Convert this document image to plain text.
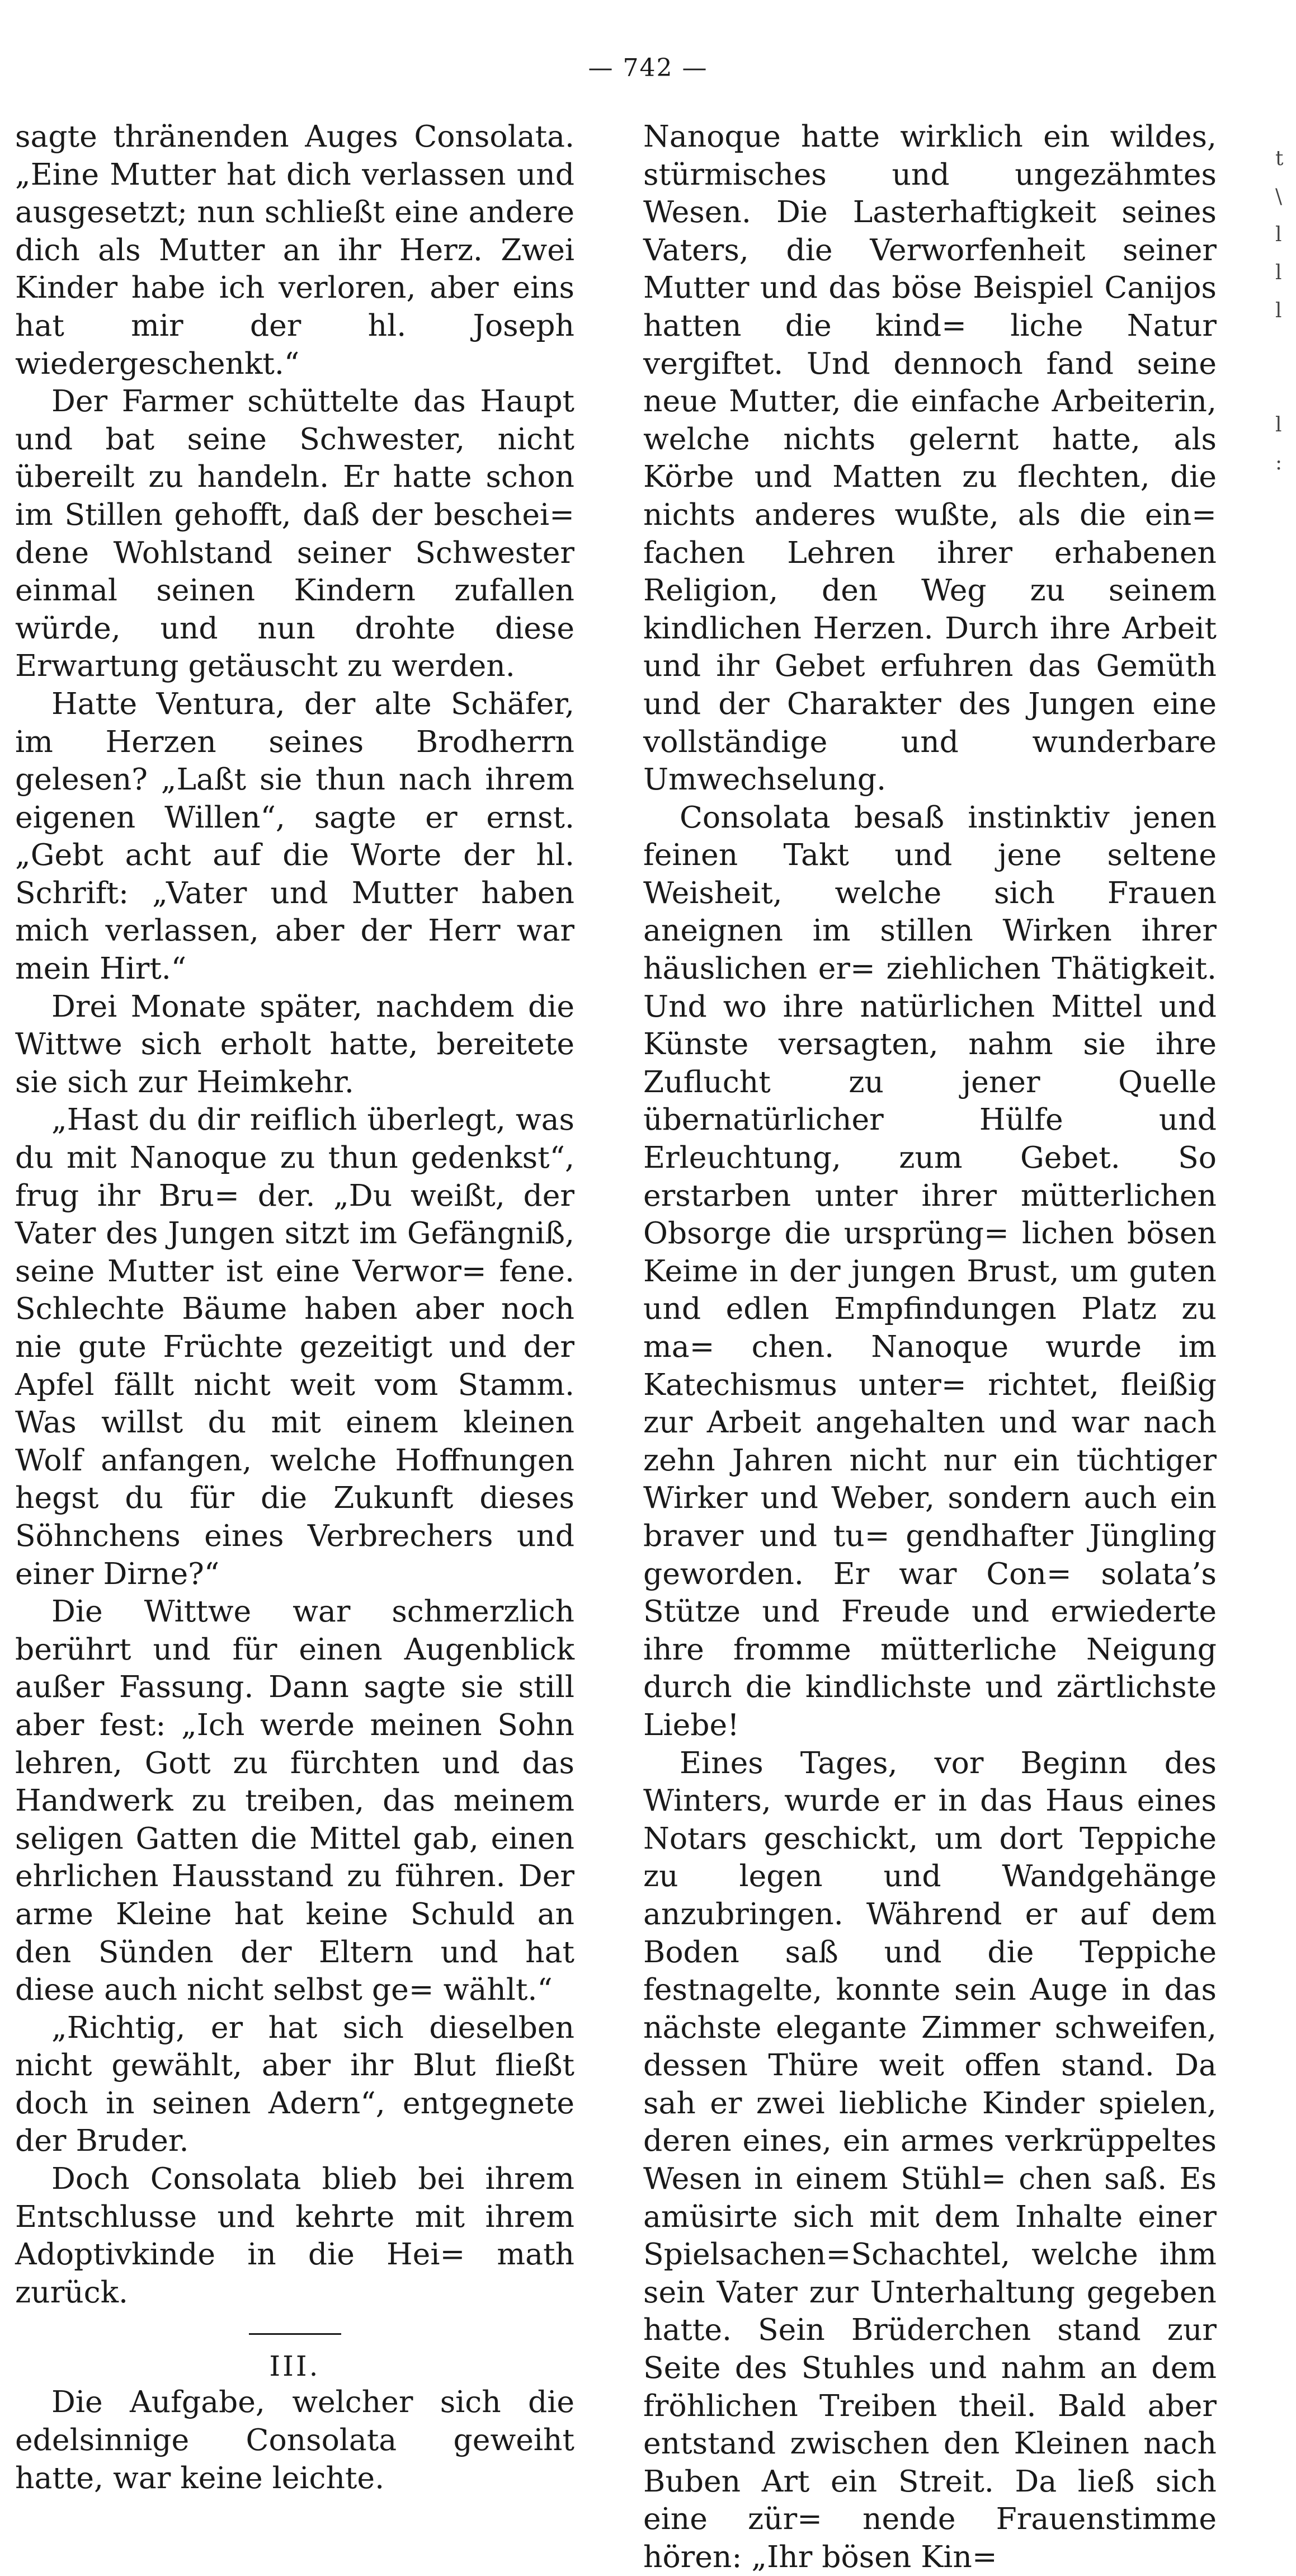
— 742 —

sagte thränenden Auges Consolata. „Eine Mutter hat dich verlassen und ausgesetzt; nun schließt eine andere dich als Mutter an ihr Herz. Zwei Kinder habe ich verloren, aber eins hat mir der hl. Joseph wiedergeschenkt.“

Der Farmer schüttelte das Haupt und bat seine Schwester, nicht übereilt zu handeln. Er hatte schon im Stillen gehofft, daß der beschei= dene Wohlstand seiner Schwester einmal seinen Kindern zufallen würde, und nun drohte diese Erwartung getäuscht zu werden.

Hatte Ventura, der alte Schäfer, im Herzen seines Brodherrn gelesen? „Laßt sie thun nach ihrem eigenen Willen“, sagte er ernst. „Gebt acht auf die Worte der hl. Schrift: „Vater und Mutter haben mich verlassen, aber der Herr war mein Hirt.“

Drei Monate später, nachdem die Wittwe sich erholt hatte, bereitete sie sich zur Heimkehr.

„Hast du dir reiflich überlegt, was du mit Nanoque zu thun gedenkst“, frug ihr Bru= der. „Du weißt, der Vater des Jungen sitzt im Gefängniß, seine Mutter ist eine Verwor= fene. Schlechte Bäume haben aber noch nie gute Früchte gezeitigt und der Apfel fällt nicht weit vom Stamm. Was willst du mit einem kleinen Wolf anfangen, welche Hoffnungen hegst du für die Zukunft dieses Söhnchens eines Verbrechers und einer Dirne?“

Die Wittwe war schmerzlich berührt und für einen Augenblick außer Fassung. Dann sagte sie still aber fest: „Ich werde meinen Sohn lehren, Gott zu fürchten und das Handwerk zu treiben, das meinem seligen Gatten die Mittel gab, einen ehrlichen Hausstand zu führen. Der arme Kleine hat keine Schuld an den Sünden der Eltern und hat diese auch nicht selbst ge= wählt.“

„Richtig, er hat sich dieselben nicht gewählt, aber ihr Blut fließt doch in seinen Adern“, entgegnete der Bruder.

Doch Consolata blieb bei ihrem Entschlusse und kehrte mit ihrem Adoptivkinde in die Hei= math zurück.

III.

Die Aufgabe, welcher sich die edelsinnige Consolata geweiht hatte, war keine leichte.

Nanoque hatte wirklich ein wildes, stürmisches und ungezähmtes Wesen. Die Lasterhaftigkeit seines Vaters, die Verworfenheit seiner Mutter und das böse Beispiel Canijos hatten die kind= liche Natur vergiftet. Und dennoch fand seine neue Mutter, die einfache Arbeiterin, welche nichts gelernt hatte, als Körbe und Matten zu flechten, die nichts anderes wußte, als die ein= fachen Lehren ihrer erhabenen Religion, den Weg zu seinem kindlichen Herzen. Durch ihre Arbeit und ihr Gebet erfuhren das Gemüth und der Charakter des Jungen eine vollständige und wunderbare Umwechselung.

Consolata besaß instinktiv jenen feinen Takt und jene seltene Weisheit, welche sich Frauen aneignen im stillen Wirken ihrer häuslichen er= ziehlichen Thätigkeit. Und wo ihre natürlichen Mittel und Künste versagten, nahm sie ihre Zuflucht zu jener Quelle übernatürlicher Hülfe und Erleuchtung, zum Gebet. So erstarben unter ihrer mütterlichen Obsorge die ursprüng= lichen bösen Keime in der jungen Brust, um guten und edlen Empfindungen Platz zu ma= chen. Nanoque wurde im Katechismus unter= richtet, fleißig zur Arbeit angehalten und war nach zehn Jahren nicht nur ein tüchtiger Wirker und Weber, sondern auch ein braver und tu= gendhafter Jüngling geworden. Er war Con= solata’s Stütze und Freude und erwiederte ihre fromme mütterliche Neigung durch die kindlichste und zärtlichste Liebe!

Eines Tages, vor Beginn des Winters, wurde er in das Haus eines Notars geschickt, um dort Teppiche zu legen und Wandgehänge anzubringen. Während er auf dem Boden saß und die Teppiche festnagelte, konnte sein Auge in das nächste elegante Zimmer schweifen, dessen Thüre weit offen stand. Da sah er zwei liebliche Kinder spielen, deren eines, ein armes verkrüppeltes Wesen in einem Stühl= chen saß. Es amüsirte sich mit dem Inhalte einer Spielsachen=Schachtel, welche ihm sein Vater zur Unterhaltung gegeben hatte. Sein Brüderchen stand zur Seite des Stuhles und nahm an dem fröhlichen Treiben theil. Bald aber entstand zwischen den Kleinen nach Buben Art ein Streit. Da ließ sich eine zür= nende Frauenstimme hören: „Ihr bösen Kin=

t
\
l
l
l
l
:
